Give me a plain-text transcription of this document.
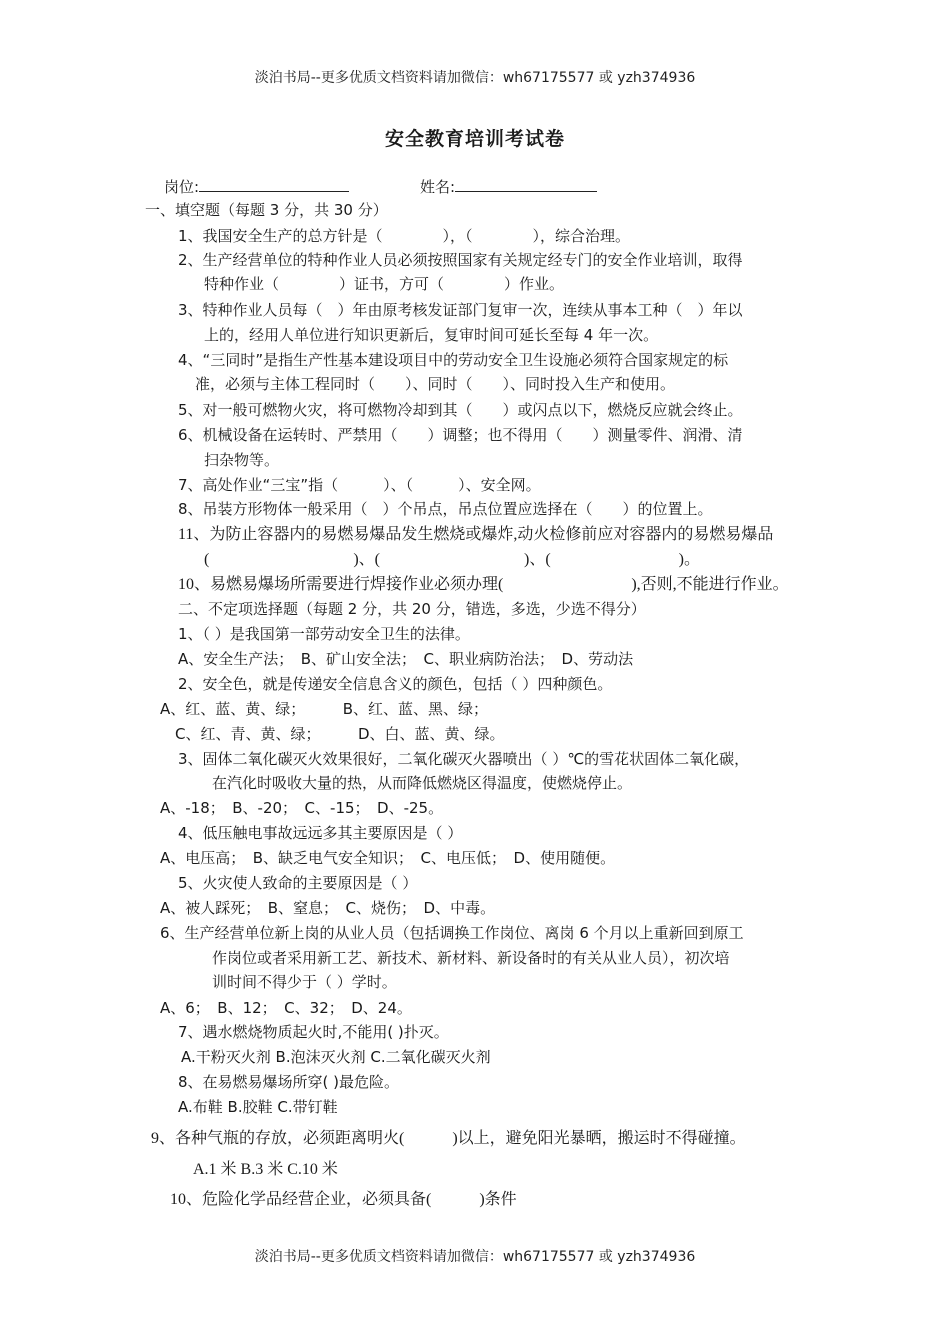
淡泊书局--更多优质文档资料请加微信：wh67175577 或 yzh374936
安全教育培训考试卷
岗位:	姓名:
一、填空题（每题 3 分，共 30 分）
1、我国安全生产的总方针是（　　　　），（　　　　），综合治理。
2、生产经营单位的特种作业人员必须按照国家有关规定经专门的安全作业培训，取得
特种作业（　　　　）证书，方可（　　　　）作业。
3、特种作业人员每（　）年由原考核发证部门复审一次，连续从事本工种（　）年以
上的，经用人单位进行知识更新后，复审时间可延长至每 4 年一次。
4、“三同时”是指生产性基本建设项目中的劳动安全卫生设施必须符合国家规定的标
准，必须与主体工程同时（　　）、同时（　　）、同时投入生产和使用。
5、对一般可燃物火灾，将可燃物冷却到其（　　）或闪点以下，燃烧反应就会终止。
6、机械设备在运转时、严禁用（　　）调整；也不得用（　　）测量零件、润滑、清
扫杂物等。
7、高处作业“三宝”指（　　　）、（　　　）、安全网。
8、吊装方形物体一般采用（　）个吊点，吊点位置应选择在（　　）的位置上。
11、为防止容器内的易燃易爆品发生燃烧或爆炸,动火检修前应对容器内的易燃易爆品
(　　　　　　　　　)、(　　　　　　　　　)、(　　　　　　　　)。
10、易燃易爆场所需要进行焊接作业必须办理(　　　　　　　　),否则,不能进行作业。
二、不定项选择题（每题 2 分，共 20 分，错选，多选，少选不得分）
1、（ ）是我国第一部劳动安全卫生的法律。
A、安全生产法；　B、矿山安全法；　C、职业病防治法；　D、劳动法
2、安全色，就是传递安全信息含义的颜色，包括（ ）四种颜色。
A、红、蓝、黄、绿；　　　B、红、蓝、黑、绿；
C、红、青、黄、绿；　　　D、白、蓝、黄、绿。
3、固体二氧化碳灭火效果很好，二氧化碳灭火器喷出（ ）℃的雪花状固体二氧化碳，
在汽化时吸收大量的热，从而降低燃烧区得温度，使燃烧停止。
A、-18；　B、-20；　C、-15；　D、-25。
4、低压触电事故远远多其主要原因是（ ）
A、电压高；　B、缺乏电气安全知识；　C、电压低；　D、使用随便。
5、火灾使人致命的主要原因是（ ）
A、被人踩死；　B、窒息；　C、烧伤；　D、中毒。
6、生产经营单位新上岗的从业人员（包括调换工作岗位、离岗 6 个月以上重新回到原工
作岗位或者采用新工艺、新技术、新材料、新设备时的有关从业人员），初次培
训时间不得少于（ ）学时。
A、6；　B、12；　C、32；　D、24。
7、遇水燃烧物质起火时,不能用( )扑灭。
A.干粉灭火剂 B.泡沫灭火剂 C.二氧化碳灭火剂
8、在易燃易爆场所穿( )最危险。
A.布鞋 B.胶鞋 C.带钉鞋
9、各种气瓶的存放，必须距离明火(　　　)以上，避免阳光暴晒，搬运时不得碰撞。
A.1 米 B.3 米 C.10 米
10、危险化学品经营企业，必须具备(　　　)条件
淡泊书局--更多优质文档资料请加微信：wh67175577 或 yzh374936
